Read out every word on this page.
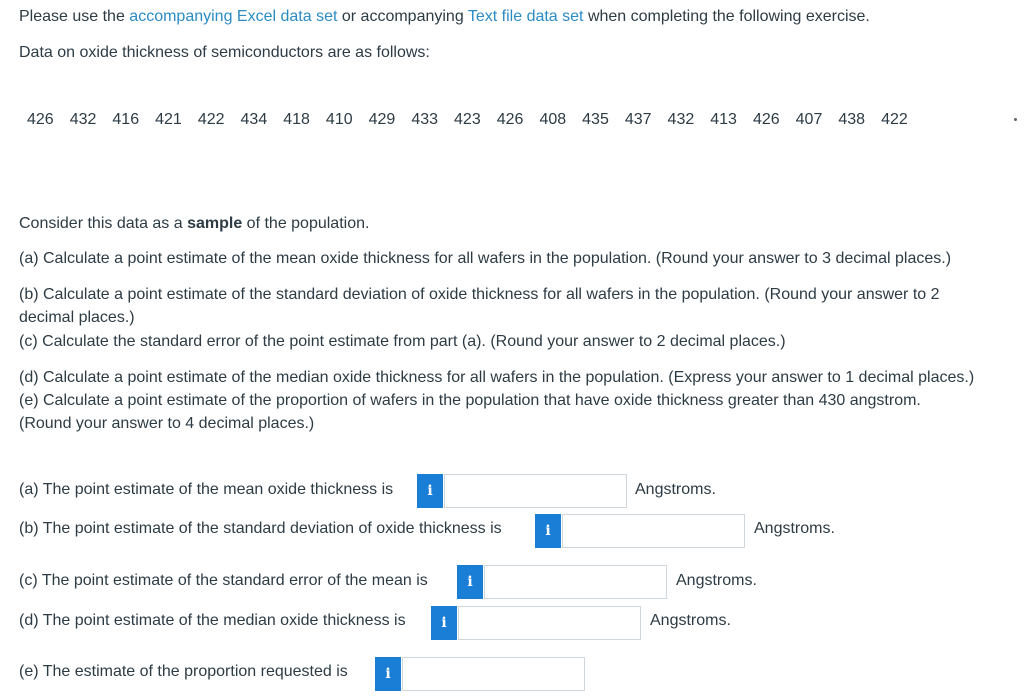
Please use the accompanying Excel data set or accompanying Text file data set when completing the following exercise.
Data on oxide thickness of semiconductors are as follows:
426 432 416 421 422 434 418 410 429 433 423 426 408 435 437 432 413 426 407 438 422
Consider this data as a sample of the population.
(a) Calculate a point estimate of the mean oxide thickness for all wafers in the population. (Round your answer to 3 decimal places.)
(b) Calculate a point estimate of the standard deviation of oxide thickness for all wafers in the population. (Round your answer to 2
decimal places.)
(c) Calculate the standard error of the point estimate from part (a). (Round your answer to 2 decimal places.)
(d) Calculate a point estimate of the median oxide thickness for all wafers in the population. (Express your answer to 1 decimal places.)
(e) Calculate a point estimate of the proportion of wafers in the population that have oxide thickness greater than 430 angstrom.
(Round your answer to 4 decimal places.)
(a) The point estimate of the mean oxide thickness is	i	Angstroms.
(b) The point estimate of the standard deviation of oxide thickness is	i	Angstroms.
(c) The point estimate of the standard error of the mean is	i	Angstroms.
(d) The point estimate of the median oxide thickness is	i	Angstroms.
(e) The estimate of the proportion requested is	i
